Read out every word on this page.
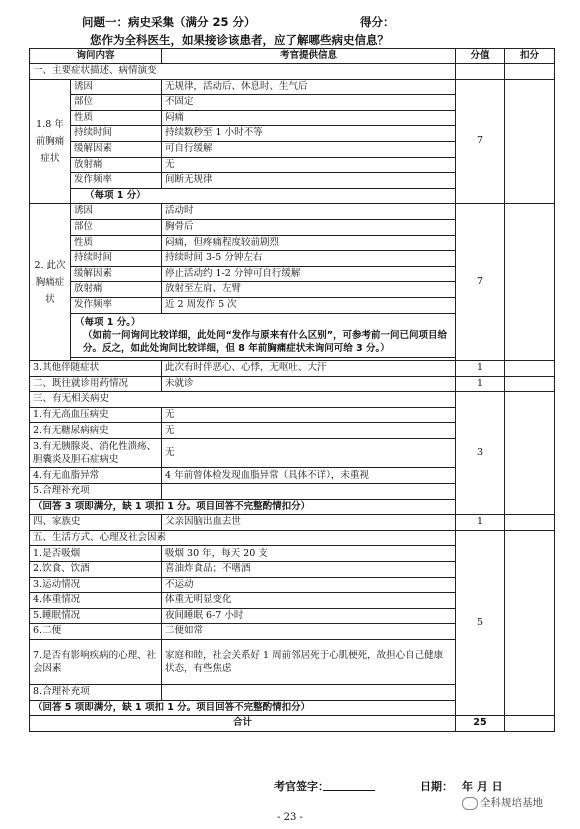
问题一：病史采集（满分 25 分）	得分：
您作为全科医生，如果接诊该患者，应了解哪些病史信息？
询问内容		考官提供信息	分值	扣分
一、主要症状描述、病情演变				
1.8 年前胸痛症状	诱因	无规律，活动后、休息时、生气后	7	
	部位	不固定		
	性质	闷痛		
	持续时间	持续数秒至 1 小时不等		
	缓解因素	可自行缓解		
	放射痛	无		
	发作频率	间断无规律		
	（每项 1 分）			
2. 此次胸痛症状	诱因	活动时	7	
	部位	胸骨后		
	性质	闷痛，但疼痛程度较前剧烈		
	持续时间	持续时间 3-5 分钟左右		
	缓解因素	停止活动约 1-2 分钟可自行缓解		
	放射痛	放射至左肩、左臂		
	发作频率	近 2 周发作 5 次		

	（每项 1 分。）
（如前一问询问比较详细，此处问“发作与原来有什么区别”，可参考前一问已问项目给分。反之，如此处询问比较详细，但 8 年前胸痛症状未询问可给 3 分。）			

3.其他伴随症状		此次有时伴恶心、心悸，无呕吐、大汗	1	
二、既往就诊用药情况		未就诊	1	
三、有无相关病史			3	
1.有无高血压病史		无		
2.有无糖尿病病史		无		
3.有无胰腺炎、消化性溃疡、胆囊炎及胆石症病史		无		
4.有无血脂异常		4 年前曾体检发现血脂异常（具体不详），未重视		
5.合理补充项				
（回答 3 项即满分，缺 1 项扣 1 分。项目回答不完整酌情扣分）				
四、家族史		父亲因脑出血去世	1	
五、生活方式、心理及社会因素			5	
1.是否吸烟		吸烟 30 年，每天 20 支		
2.饮食、饮酒		喜油炸食品；不嗜酒		
3.运动情况		不运动		
4.体重情况		体重无明显变化		
5.睡眠情况		夜间睡眠 6-7 小时		
6.二便		二便如常		
7.是否有影响疾病的心理、社会因素		家庭和睦，社会关系好 1 周前邻居死于心肌梗死，故担心自己健康状态，有些焦虑		
8.合理补充项				
（回答 5 项即满分，缺 1 项扣 1 分。项目回答不完整酌情扣分）				
合计			25	
考官签字：	日期： 年 月 日
全科规培基地
- 23 -
